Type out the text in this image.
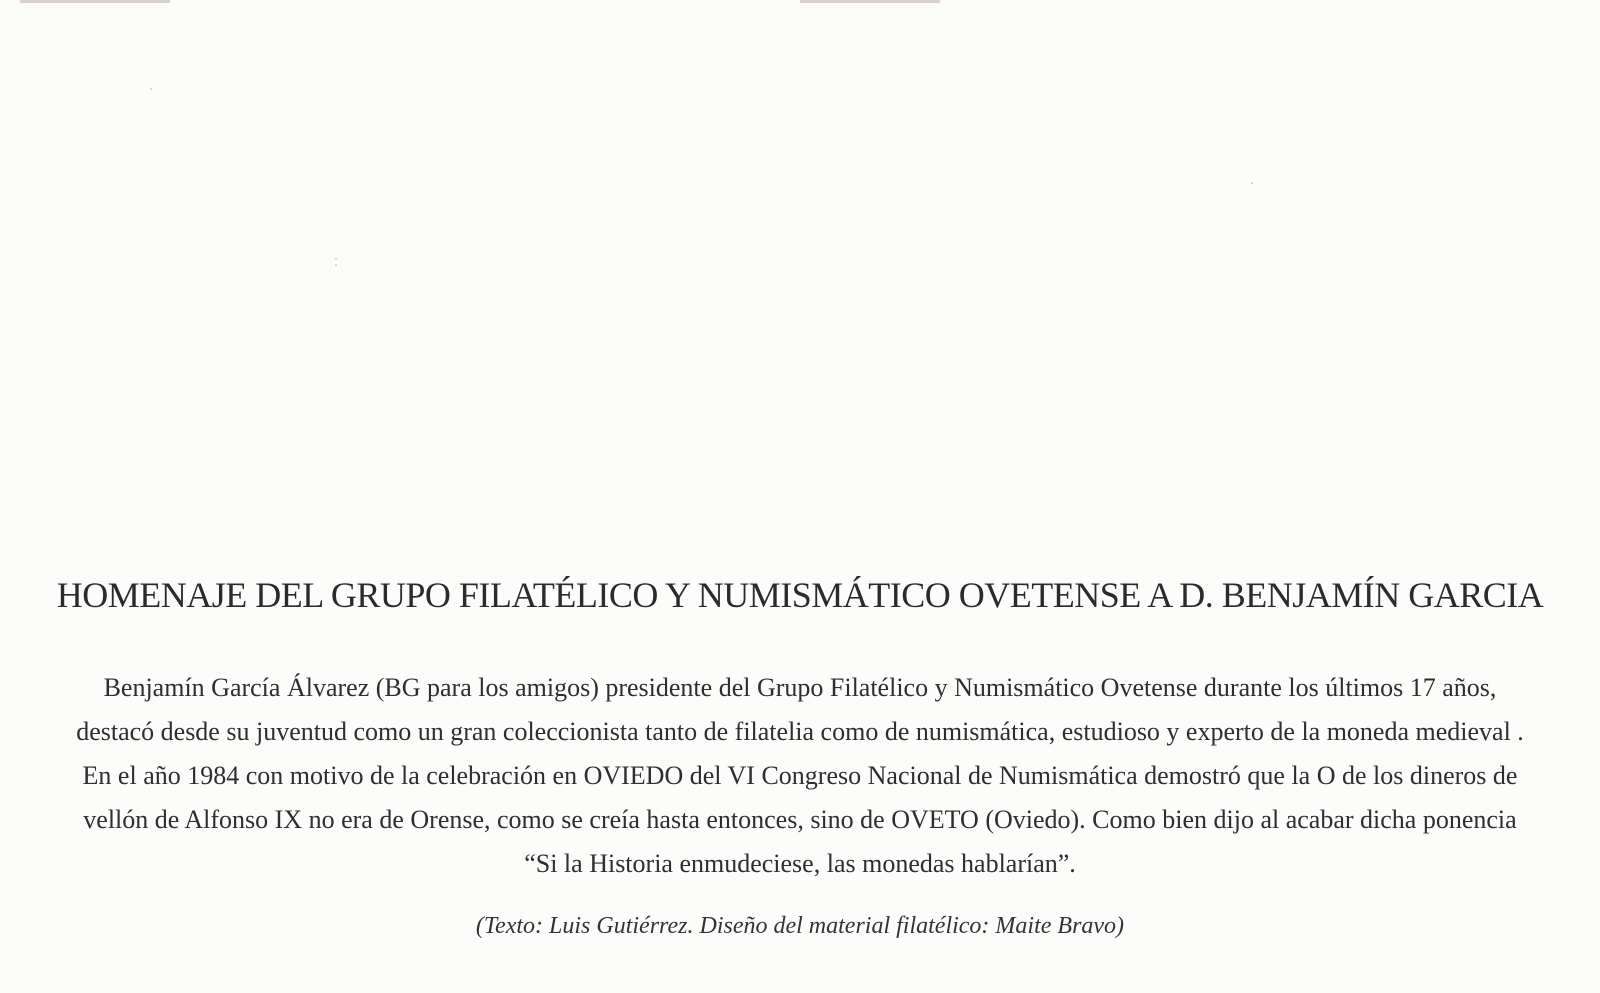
HOMENAJE DEL GRUPO FILATÉLICO Y NUMISMÁTICO OVETENSE A D. BENJAMÍN GARCIA
Benjamín García Álvarez (BG para los amigos) presidente del Grupo Filatélico y Numismático Ovetense durante los últimos 17 años, destacó desde su juventud como un gran coleccionista tanto de filatelia como de numismática, estudioso y experto de la moneda medieval . En el año 1984 con motivo de la celebración en OVIEDO del VI Congreso Nacional de Numismática demostró que la O de los dineros de vellón de Alfonso IX no era de Orense, como se creía hasta entonces, sino de OVETO (Oviedo). Como bien dijo al acabar dicha ponencia “Si la Historia enmudeciese, las monedas hablarían”.
(Texto: Luis Gutiérrez. Diseño del material filatélico: Maite Bravo)
